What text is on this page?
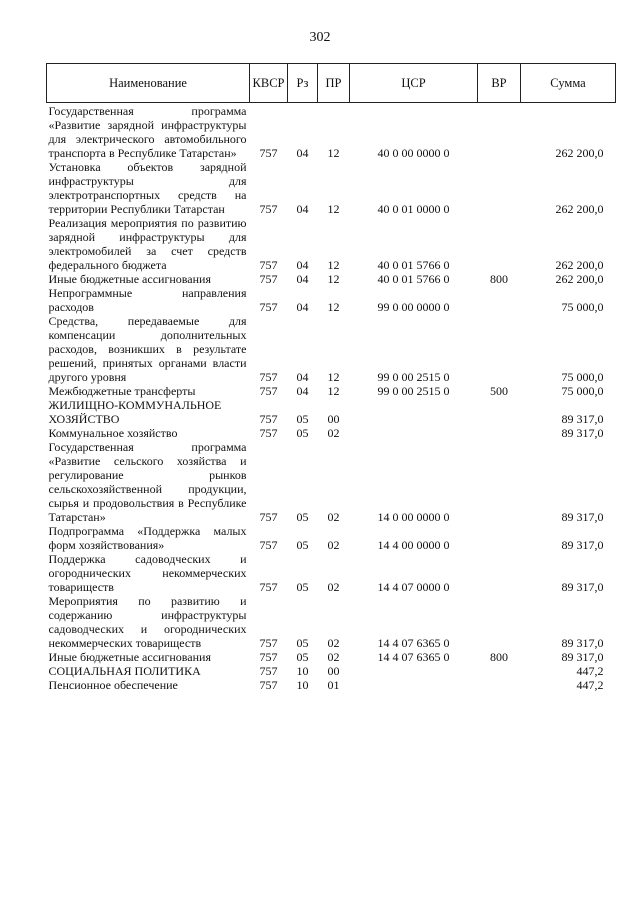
302
Наименование	КВСР	Рз	ПР	ЦСР	ВР	Сумма
Государственная программа «Развитие зарядной инфраструктуры для электрического автомобильного транспорта в Республике Татарстан»	757	04	12	40 0 00 0000 0		262 200,0
Установка объектов зарядной инфраструктуры для электротранспортных средств на территории Республики Татарстан	757	04	12	40 0 01 0000 0		262 200,0
Реализация мероприятия по развитию зарядной инфраструктуры для электромобилей за счет средств федерального бюджета	757	04	12	40 0 01 5766 0		262 200,0
Иные бюджетные ассигнования	757	04	12	40 0 01 5766 0	800	262 200,0
Непрограммные направления расходов	757	04	12	99 0 00 0000 0		75 000,0
Средства, передаваемые для компенсации дополнительных расходов, возникших в результате решений, принятых органами власти другого уровня	757	04	12	99 0 00 2515 0		75 000,0
Межбюджетные трансферты	757	04	12	99 0 00 2515 0	500	75 000,0
ЖИЛИЩНО-КОММУНАЛЬНОЕ ХОЗЯЙСТВО	757	05	00			89 317,0
Коммунальное хозяйство	757	05	02			89 317,0
Государственная программа «Развитие сельского хозяйства и регулирование рынков сельскохозяйственной продукции, сырья и продовольствия в Республике Татарстан»	757	05	02	14 0 00 0000 0		89 317,0
Подпрограмма «Поддержка малых форм хозяйствования»	757	05	02	14 4 00 0000 0		89 317,0
Поддержка садоводческих и огороднических некоммерческих товариществ	757	05	02	14 4 07 0000 0		89 317,0
Мероприятия по развитию и содержанию инфраструктуры садоводческих и огороднических некоммерческих товариществ	757	05	02	14 4 07 6365 0		89 317,0
Иные бюджетные ассигнования	757	05	02	14 4 07 6365 0	800	89 317,0
СОЦИАЛЬНАЯ ПОЛИТИКА	757	10	00			447,2
Пенсионное обеспечение	757	10	01			447,2
